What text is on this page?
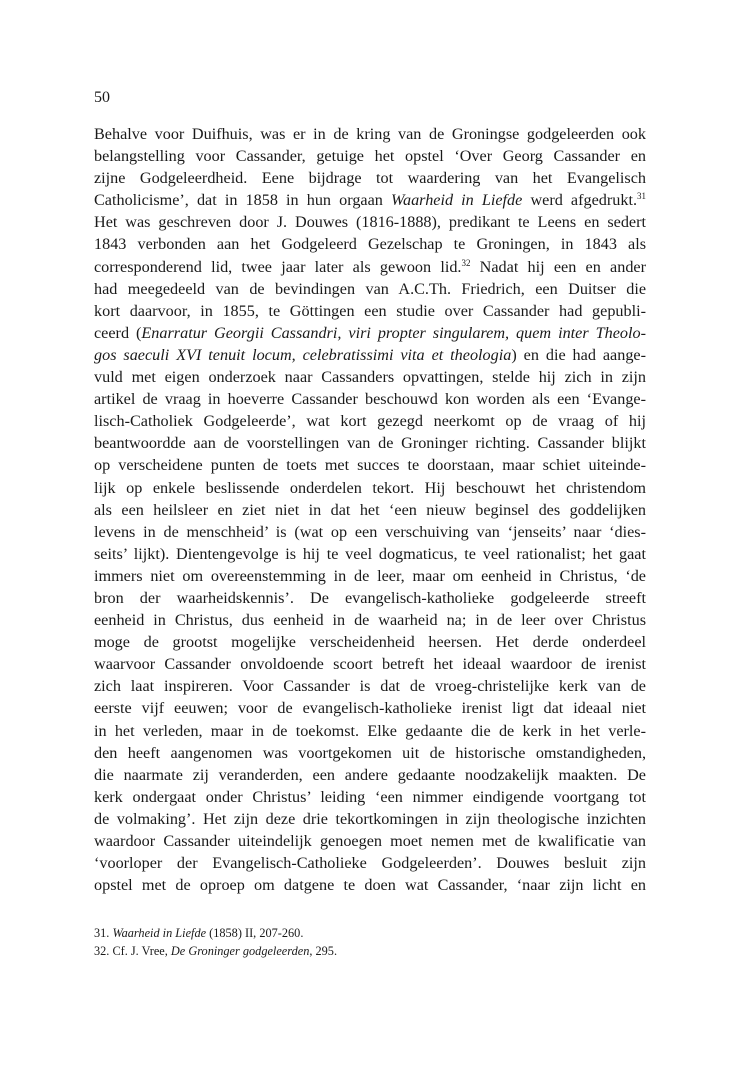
50
Behalve voor Duifhuis, was er in de kring van de Groningse godgeleerden ook
belangstelling voor Cassander, getuige het opstel ‘Over Georg Cassander en
zijne Godgeleerdheid. Eene bijdrage tot waardering van het Evangelisch
Catholicisme’, dat in 1858 in hun orgaan Waarheid in Liefde werd afgedrukt.$^{31}$
Het was geschreven door J. Douwes (1816-1888), predikant te Leens en sedert
1843 verbonden aan het Godgeleerd Gezelschap te Groningen, in 1843 als
corresponderend lid, twee jaar later als gewoon lid.$^{32}$ Nadat hij een en ander
had meegedeeld van de bevindingen van A.C.Th. Friedrich, een Duitser die
kort daarvoor, in 1855, te Göttingen een studie over Cassander had gepubli-
ceerd (Enarratur Georgii Cassandri, viri propter singularem, quem inter Theolo-
gos saeculi XVI tenuit locum, celebratissimi vita et theologia) en die had aange-
vuld met eigen onderzoek naar Cassanders opvattingen, stelde hij zich in zijn
artikel de vraag in hoeverre Cassander beschouwd kon worden als een ‘Evange-
lisch-Catholiek Godgeleerde’, wat kort gezegd neerkomt op de vraag of hij
beantwoordde aan de voorstellingen van de Groninger richting. Cassander blijkt
op verscheidene punten de toets met succes te doorstaan, maar schiet uiteinde-
lijk op enkele beslissende onderdelen tekort. Hij beschouwt het christendom
als een heilsleer en ziet niet in dat het ‘een nieuw beginsel des goddelijken
levens in de menschheid’ is (wat op een verschuiving van ‘jenseits’ naar ‘dies-
seits’ lijkt). Dientengevolge is hij te veel dogmaticus, te veel rationalist; het gaat
immers niet om overeenstemming in de leer, maar om eenheid in Christus, ‘de
bron der waarheidskennis’. De evangelisch-katholieke godgeleerde streeft
eenheid in Christus, dus eenheid in de waarheid na; in de leer over Christus
moge de grootst mogelijke verscheidenheid heersen. Het derde onderdeel
waarvoor Cassander onvoldoende scoort betreft het ideaal waardoor de irenist
zich laat inspireren. Voor Cassander is dat de vroeg-christelijke kerk van de
eerste vijf eeuwen; voor de evangelisch-katholieke irenist ligt dat ideaal niet
in het verleden, maar in de toekomst. Elke gedaante die de kerk in het verle-
den heeft aangenomen was voortgekomen uit de historische omstandigheden,
die naarmate zij veranderden, een andere gedaante noodzakelijk maakten. De
kerk ondergaat onder Christus’ leiding ‘een nimmer eindigende voortgang tot
de volmaking’. Het zijn deze drie tekortkomingen in zijn theologische inzichten
waardoor Cassander uiteindelijk genoegen moet nemen met de kwalificatie van
‘voorloper der Evangelisch-Catholieke Godgeleerden’. Douwes besluit zijn
opstel met de oproep om datgene te doen wat Cassander, ‘naar zijn licht en
31. Waarheid in Liefde (1858) II, 207-260.
32. Cf. J. Vree, De Groninger godgeleerden, 295.
